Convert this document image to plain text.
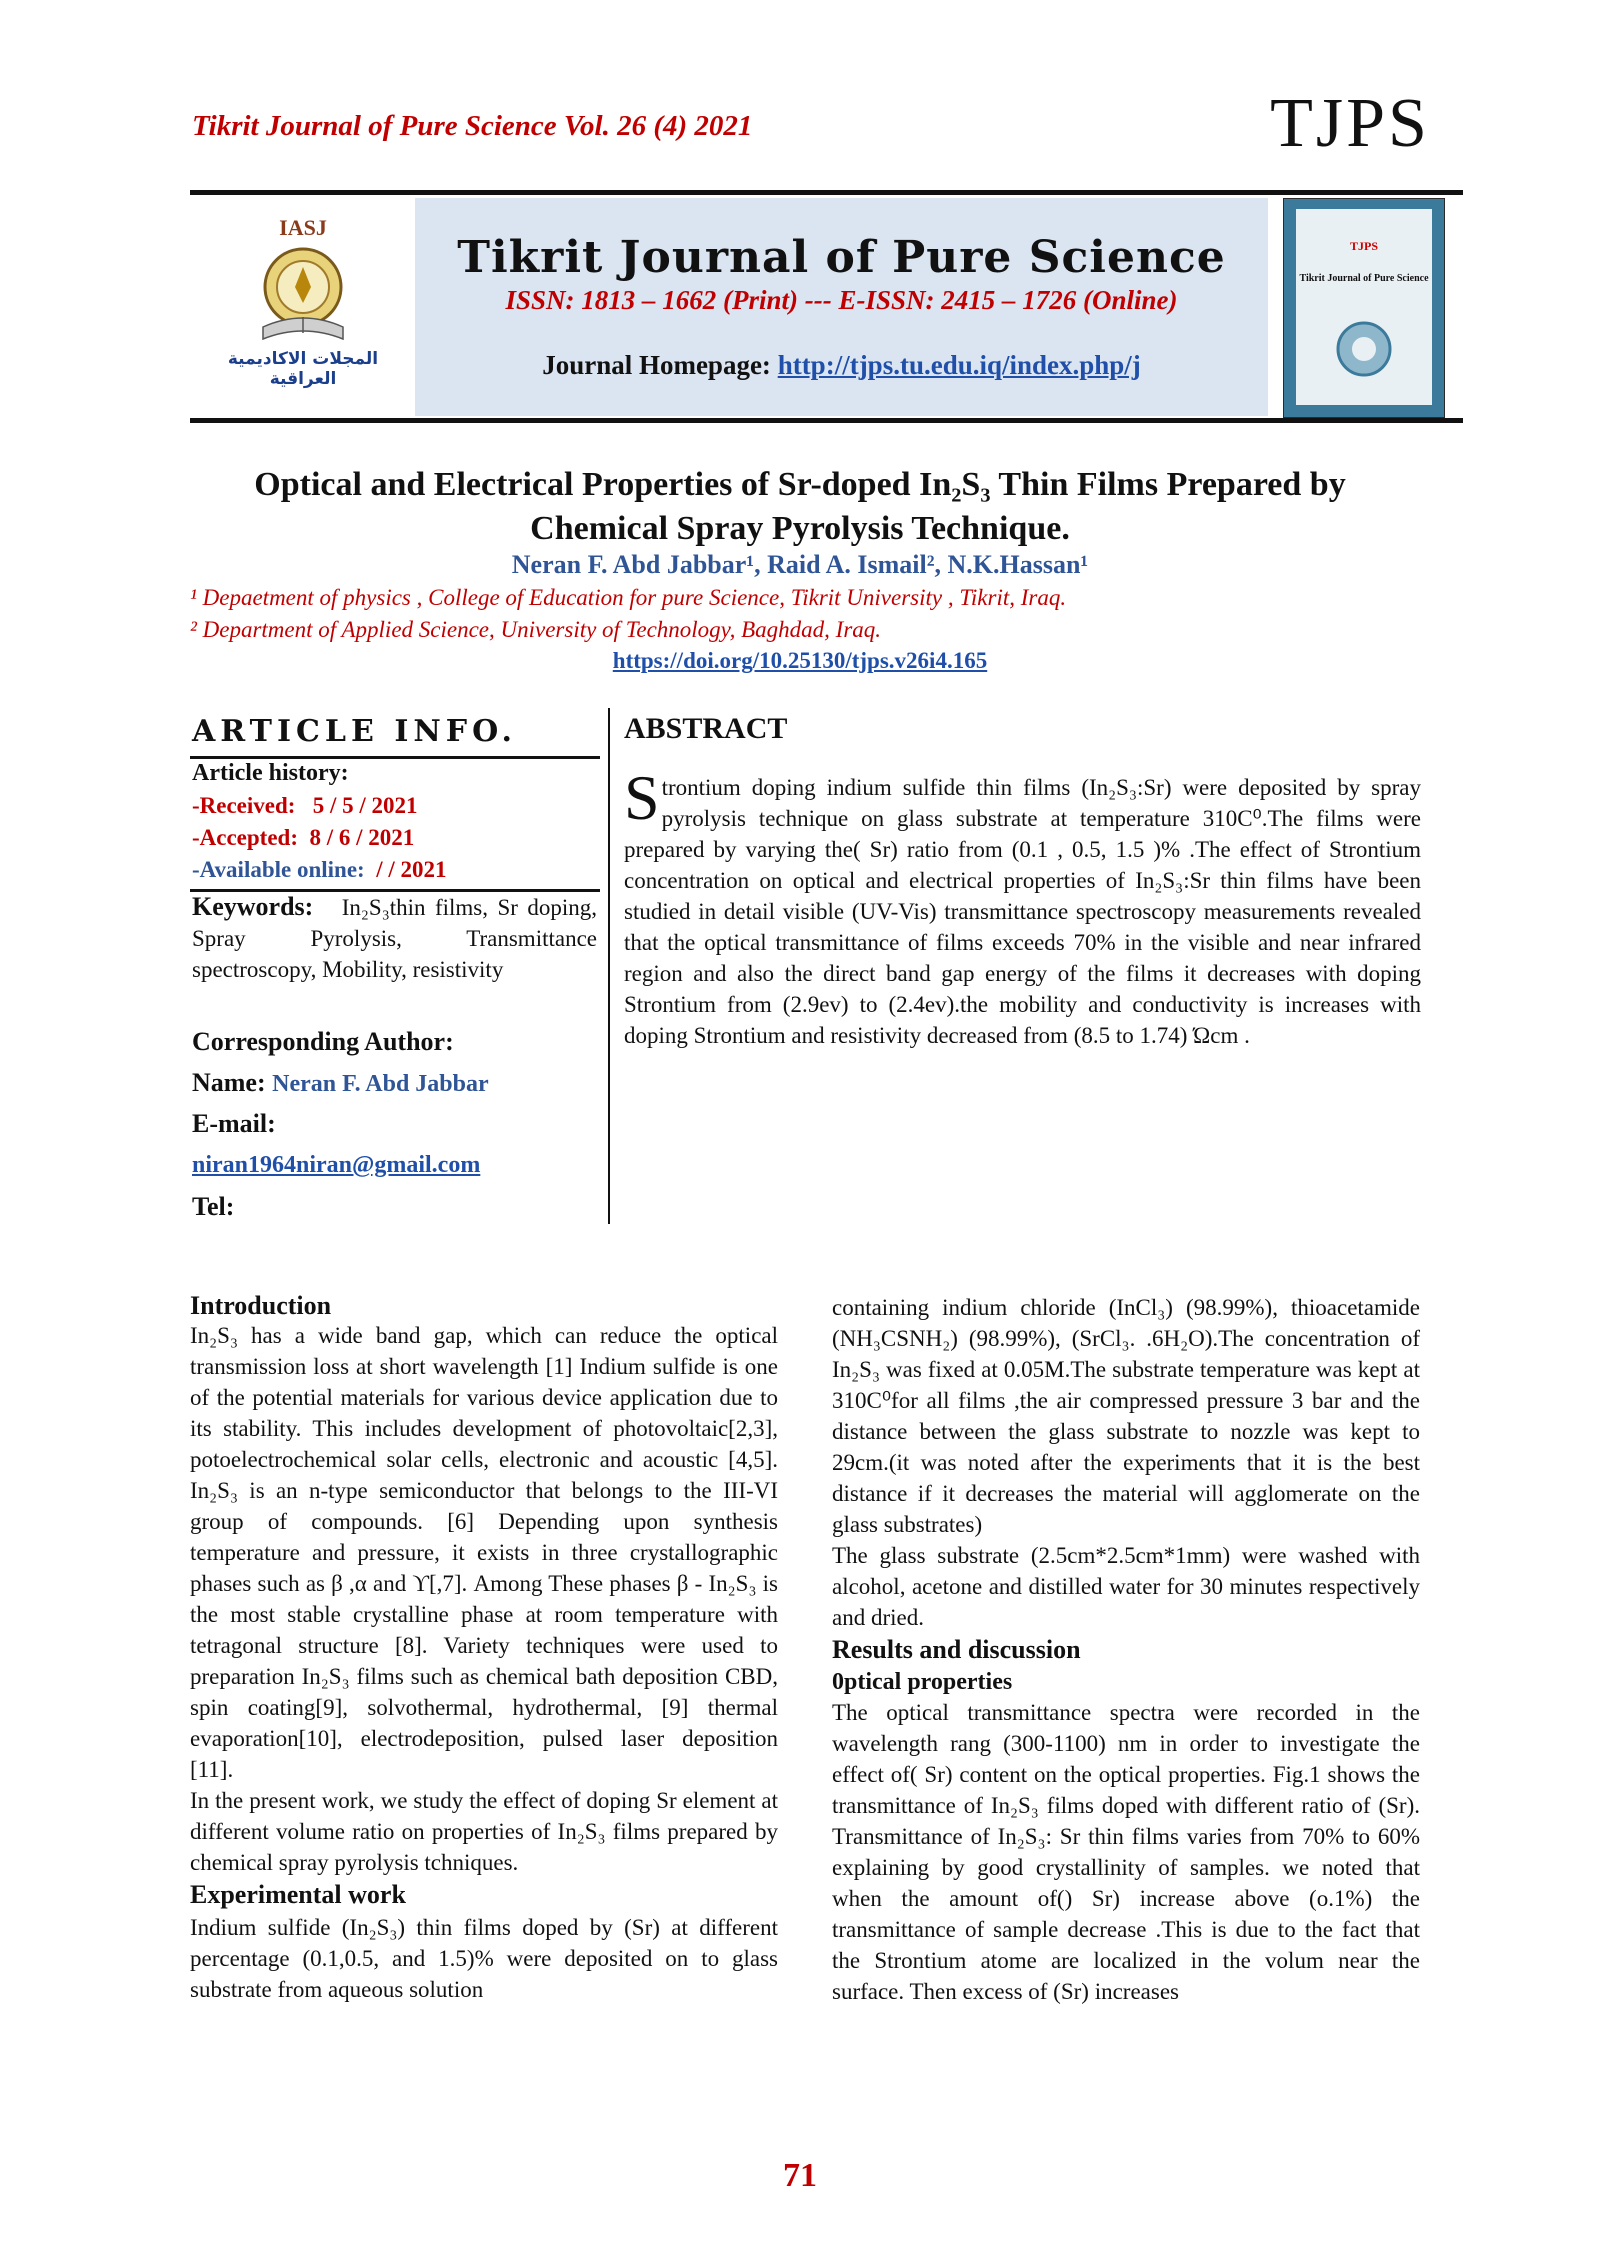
Tikrit Journal of Pure Science Vol. 26 (4) 2021	TJPS
IASJ
المجلات الاكاديمية العراقية
Tikrit Journal of Pure Science
ISSN: 1813 – 1662 (Print) --- E-ISSN: 2415 – 1726 (Online)
Journal Homepage: http://tjps.tu.edu.iq/index.php/j
TJPS
Tikrit Journal of Pure Science
Optical and Electrical Properties of Sr-doped In₂S₃ Thin Films Prepared by
Chemical Spray Pyrolysis Technique.
Neran F. Abd Jabbar¹, Raid A. Ismail², N.K.Hassan¹
¹ Depaetment of physics , College of Education for pure Science, Tikrit University , Tikrit, Iraq.
² Department of Applied Science, University of Technology, Baghdad, Iraq.
https://doi.org/10.25130/tjps.v26i4.165
ARTICLE INFO.
Article history:
-Received: 5 / 5 / 2021
-Accepted: 8 / 6 / 2021
-Available online: / / 2021
Keywords: In₂S₃thin films, Sr doping, Spray Pyrolysis, Transmittance spectroscopy, Mobility, resistivity
Corresponding Author:
Name: Neran F. Abd Jabbar
E-mail:
niran1964niran@gmail.com
Tel:
ABSTRACT
Strontium doping indium sulfide thin films (In₂S₃:Sr) were deposited by spray pyrolysis technique on glass substrate at temperature 310C⁰.The films were prepared by varying the( Sr) ratio from (0.1 , 0.5, 1.5 )% .The effect of Strontium concentration on optical and electrical properties of In₂S₃:Sr thin films have been studied in detail visible (UV-Vis) transmittance spectroscopy measurements revealed that the optical transmittance of films exceeds 70% in the visible and near infrared region and also the direct band gap energy of the films it decreases with doping Strontium from (2.9ev) to (2.4ev).the mobility and conductivity is increases with doping Strontium and resistivity decreased from (8.5 to 1.74) Ώcm .
Introduction
In₂S₃ has a wide band gap, which can reduce the optical transmission loss at short wavelength [1] Indium sulfide is one of the potential materials for various device application due to its stability. This includes development of photovoltaic[2,3], potoelectrochemical solar cells, electronic and acoustic [4,5]. In₂S₃ is an n-type semiconductor that belongs to the III-VI group of compounds. [6] Depending upon synthesis temperature and pressure, it exists in three crystallographic phases such as β ,α and ϒ[,7]. Among These phases β - In₂S₃ is the most stable crystalline phase at room temperature with tetragonal structure [8]. Variety techniques were used to preparation In₂S₃ films such as chemical bath deposition CBD, spin coating[9], solvothermal, hydrothermal, [9] thermal evaporation[10], electrodeposition, pulsed laser deposition [11].
In the present work, we study the effect of doping Sr element at different volume ratio on properties of In₂S₃ films prepared by chemical spray pyrolysis tchniques.
Experimental work
Indium sulfide (In₂S₃) thin films doped by (Sr) at different percentage (0.1,0.5, and 1.5)% were deposited on to glass substrate from aqueous solution
containing indium chloride (InCl₃) (98.99%), thioacetamide (NH₃CSNH₂) (98.99%), (SrCl₃. .6H₂O).The concentration of In₂S₃ was fixed at 0.05M.The substrate temperature was kept at 310C⁰for all films ,the air compressed pressure 3 bar and the distance between the glass substrate to nozzle was kept to 29cm.(it was noted after the experiments that it is the best distance if it decreases the material will agglomerate on the glass substrates)
The glass substrate (2.5cm*2.5cm*1mm) were washed with alcohol, acetone and distilled water for 30 minutes respectively and dried.
Results and discussion
0ptical properties
The optical transmittance spectra were recorded in the wavelength rang (300-1100) nm in order to investigate the effect of( Sr) content on the optical properties. Fig.1 shows the transmittance of In₂S₃ films doped with different ratio of (Sr). Transmittance of In₂S₃: Sr thin films varies from 70% to 60% explaining by good crystallinity of samples. we noted that when the amount of() Sr) increase above (o.1%) the transmittance of sample decrease .This is due to the fact that the Strontium atome are localized in the volum near the surface. Then excess of (Sr) increases
71
